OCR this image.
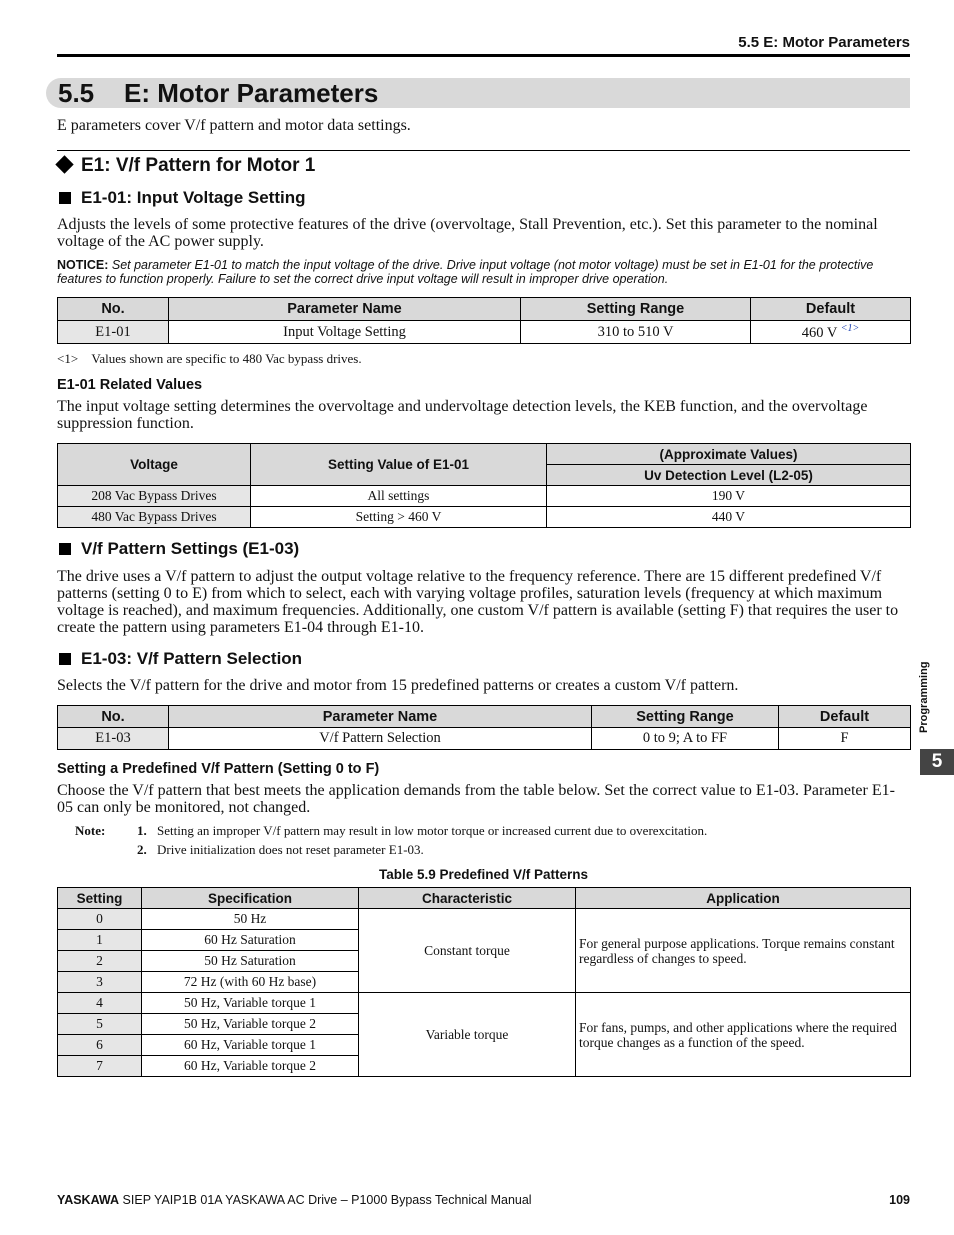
5.5 E: Motor Parameters
5.5 E: Motor Parameters
E parameters cover V/f pattern and motor data settings.
E1: V/f Pattern for Motor 1
E1-01: Input Voltage Setting
Adjusts the levels of some protective features of the drive (overvoltage, Stall Prevention, etc.). Set this parameter to the nominal voltage of the AC power supply.
NOTICE: Set parameter E1-01 to match the input voltage of the drive. Drive input voltage (not motor voltage) must be set in E1-01 for the protective features to function properly. Failure to set the correct drive input voltage will result in improper drive operation.
No.	Parameter Name	Setting Range	Default
E1-01	Input Voltage Setting	310 to 510 V	460 V $^{<1>}$
<1> Values shown are specific to 480 Vac bypass drives.
E1-01 Related Values
The input voltage setting determines the overvoltage and undervoltage detection levels, the KEB function, and the overvoltage suppression function.
Voltage	Setting Value of E1-01	(Approximate Values)
		Uv Detection Level (L2-05)
208 Vac Bypass Drives	All settings	190 V
480 Vac Bypass Drives	Setting > 460 V	440 V
V/f Pattern Settings (E1-03)
The drive uses a V/f pattern to adjust the output voltage relative to the frequency reference. There are 15 different predefined V/f patterns (setting 0 to E) from which to select, each with varying voltage profiles, saturation levels (frequency at which maximum voltage is reached), and maximum frequencies. Additionally, one custom V/f pattern is available (setting F) that requires the user to create the pattern using parameters E1-04 through E1-10.
E1-03: V/f Pattern Selection
Selects the V/f pattern for the drive and motor from 15 predefined patterns or creates a custom V/f pattern.
No.	Parameter Name	Setting Range	Default
E1-03	V/f Pattern Selection	0 to 9; A to FF	F
Setting a Predefined V/f Pattern (Setting 0 to F)
Choose the V/f pattern that best meets the application demands from the table below. Set the correct value to E1-03. Parameter E1-05 can only be monitored, not changed.
Note: 1. Setting an improper V/f pattern may result in low motor torque or increased current due to overexcitation.
2. Drive initialization does not reset parameter E1-03.
Table 5.9 Predefined V/f Patterns
Setting	Specification	Characteristic	Application
0	50 Hz	Constant torque	For general purpose applications. Torque remains constant regardless of changes to speed.
1	60 Hz Saturation		
2	50 Hz Saturation		
3	72 Hz (with 60 Hz base)		
4	50 Hz, Variable torque 1	Variable torque	For fans, pumps, and other applications where the required torque changes as a function of the speed.
5	50 Hz, Variable torque 2		
6	60 Hz, Variable torque 1		
7	60 Hz, Variable torque 2		
Programming
5
YASKAWA SIEP YAIP1B 01A YASKAWA AC Drive – P1000 Bypass Technical Manual	109
